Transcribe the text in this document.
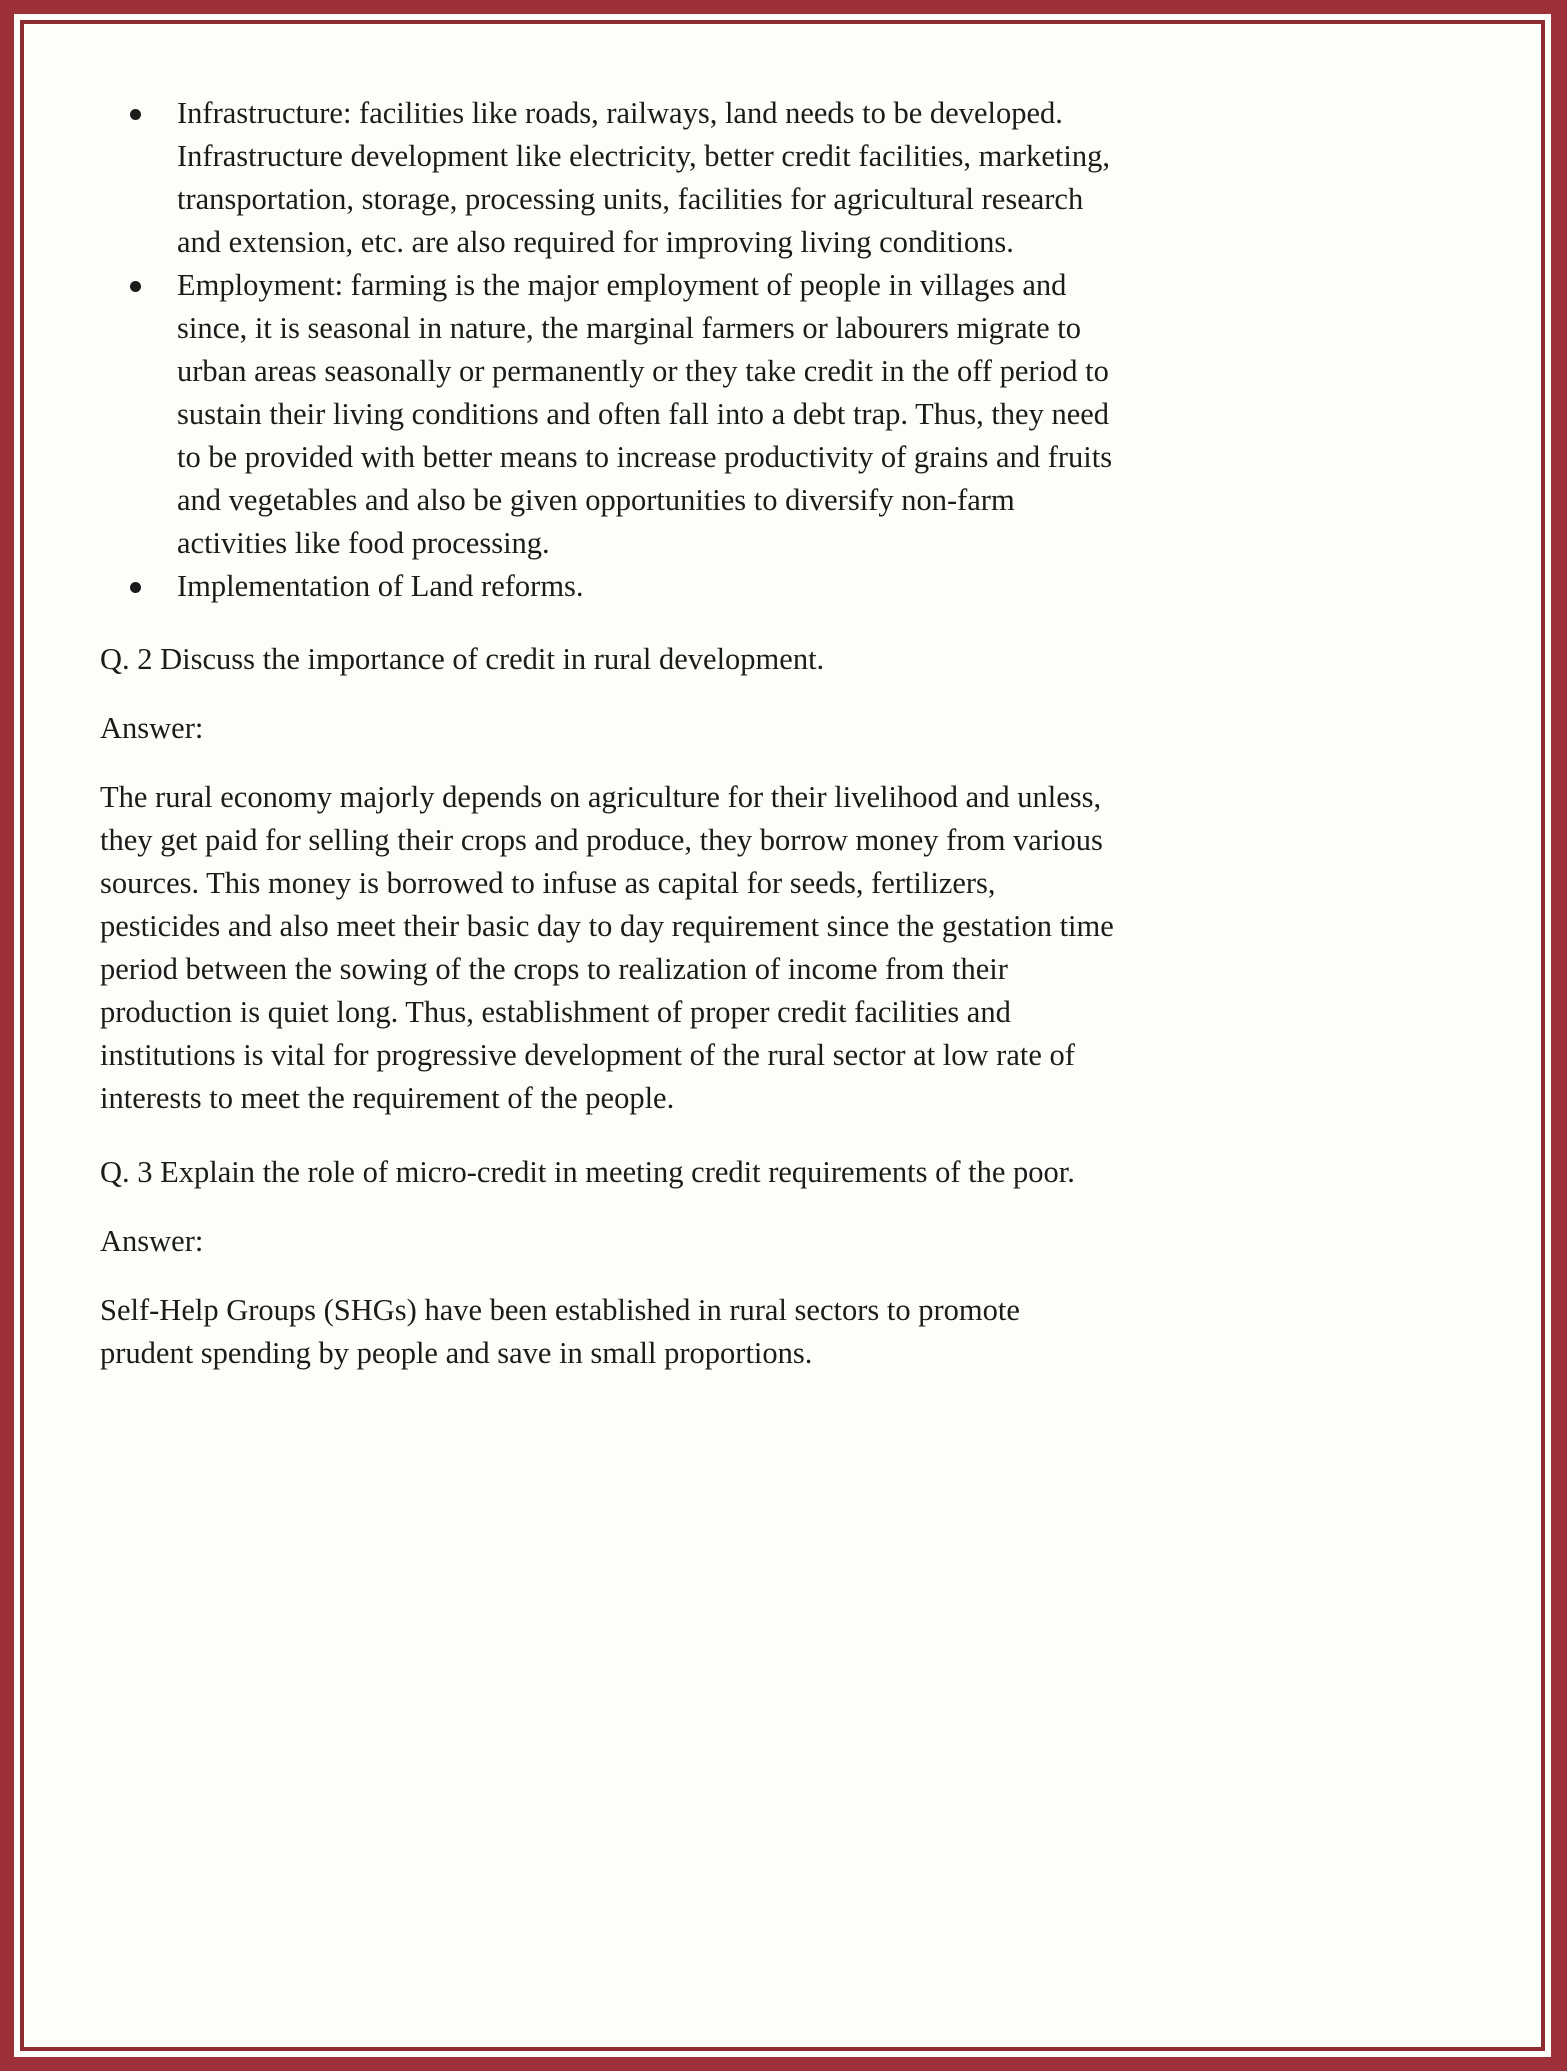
Infrastructure: facilities like roads, railways, land needs to be developed. Infrastructure development like electricity, better credit facilities, marketing, transportation, storage, processing units, facilities for agricultural research and extension, etc. are also required for improving living conditions.
Employment: farming is the major employment of people in villages and since, it is seasonal in nature, the marginal farmers or labourers migrate to urban areas seasonally or permanently or they take credit in the off period to sustain their living conditions and often fall into a debt trap. Thus, they need to be provided with better means to increase productivity of grains and fruits and vegetables and also be given opportunities to diversify non-farm activities like food processing.
Implementation of Land reforms.

Q. 2 Discuss the importance of credit in rural development.

Answer:

The rural economy majorly depends on agriculture for their livelihood and unless, they get paid for selling their crops and produce, they borrow money from various sources. This money is borrowed to infuse as capital for seeds, fertilizers, pesticides and also meet their basic day to day requirement since the gestation time period between the sowing of the crops to realization of income from their production is quiet long. Thus, establishment of proper credit facilities and institutions is vital for progressive development of the rural sector at low rate of interests to meet the requirement of the people.

Q. 3 Explain the role of micro-credit in meeting credit requirements of the poor.

Answer:

Self-Help Groups (SHGs) have been established in rural sectors to promote prudent spending by people and save in small proportions.
